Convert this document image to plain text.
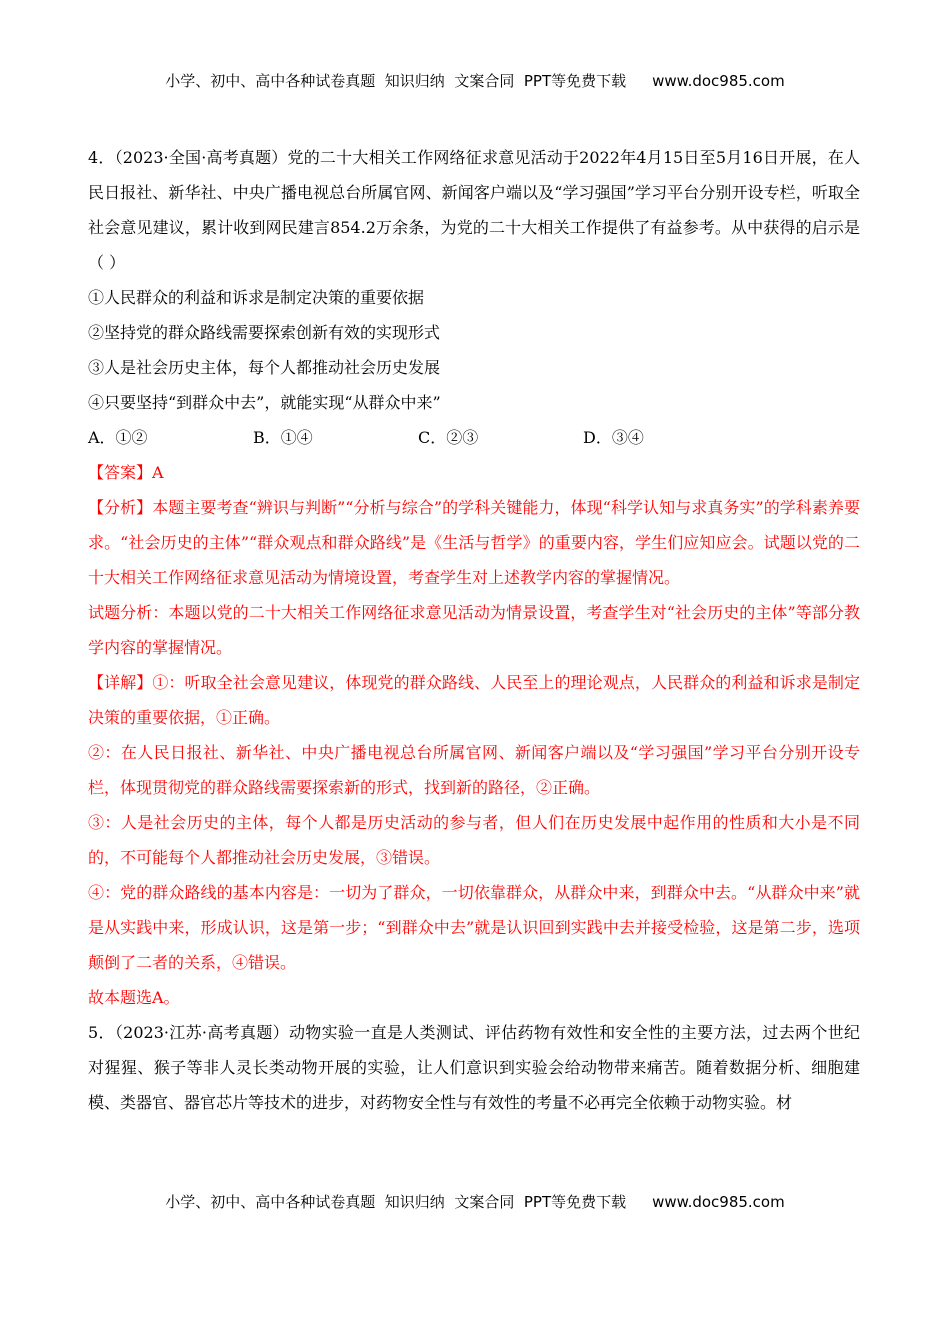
小学、初中、高中各种试卷真题  知识归纳  文案合同  PPT等免费下载 www.doc985.com

4．（2023·全国·高考真题）党的二十大相关工作网络征求意见活动于2022年4月15日至5月16日开展，在人民日报社、新华社、中央广播电视总台所属官网、新闻客户端以及“学习强国”学习平台分别开设专栏，听取全社会意见建议，累计收到网民建言854.2万余条，为党的二十大相关工作提供了有益参考。从中获得的启示是（ ）

①人民群众的利益和诉求是制定决策的重要依据

②坚持党的群众路线需要探索创新有效的实现形式

③人是社会历史主体，每个人都推动社会历史发展

④只要坚持“到群众中去”，就能实现“从群众中来”

A．①②	B．①④	C．②③	D．③④

【答案】A

【分析】本题主要考查“辨识与判断”“分析与综合”的学科关键能力，体现“科学认知与求真务实”的学科素养要求。“社会历史的主体”“群众观点和群众路线”是《生活与哲学》的重要内容，学生们应知应会。试题以党的二十大相关工作网络征求意见活动为情境设置，考查学生对上述教学内容的掌握情况。

试题分析：本题以党的二十大相关工作网络征求意见活动为情景设置，考查学生对“社会历史的主体”等部分教学内容的掌握情况。

【详解】①：听取全社会意见建议，体现党的群众路线、人民至上的理论观点，人民群众的利益和诉求是制定决策的重要依据，①正确。

②：在人民日报社、新华社、中央广播电视总台所属官网、新闻客户端以及“学习强国”学习平台分别开设专栏，体现贯彻党的群众路线需要探索新的形式，找到新的路径，②正确。

③：人是社会历史的主体，每个人都是历史活动的参与者，但人们在历史发展中起作用的性质和大小是不同的，不可能每个人都推动社会历史发展，③错误。

④：党的群众路线的基本内容是：一切为了群众，一切依靠群众，从群众中来，到群众中去。“从群众中来”就是从实践中来，形成认识，这是第一步；“到群众中去”就是认识回到实践中去并接受检验，这是第二步，选项颠倒了二者的关系，④错误。

故本题选A。

5．（2023·江苏·高考真题）动物实验一直是人类测试、评估药物有效性和安全性的主要方法，过去两个世纪对猩猩、猴子等非人灵长类动物开展的实验，让人们意识到实验会给动物带来痛苦。随着数据分析、细胞建模、类器官、器官芯片等技术的进步，对药物安全性与有效性的考量不必再完全依赖于动物实验。材

小学、初中、高中各种试卷真题  知识归纳  文案合同  PPT等免费下载 www.doc985.com
